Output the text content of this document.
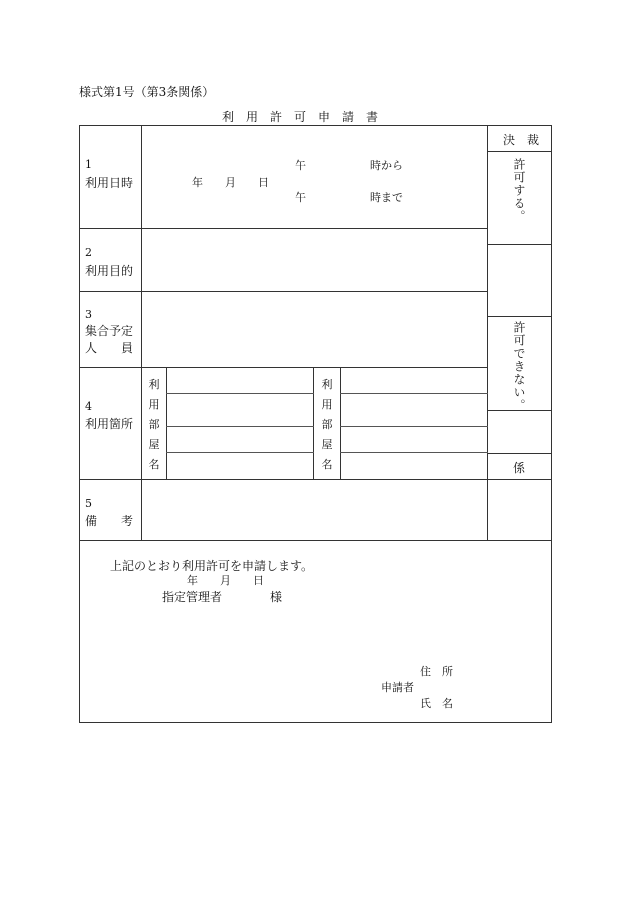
様式第1号（第3条関係）
利　用　許　可　申　請　書
1
利用日時
2
利用目的
3
集合予定
人　　員
4
利用箇所
5
備　　考
年　　月　　日
午
午
時から
時まで
利
用
部
屋
名
利
用
部
屋
名
決　裁
許可する。
許可できない。
係
上記のとおり利用許可を申請します。
年　　月　　日
指定管理者　　　　様
住　所
申請者
氏　名
